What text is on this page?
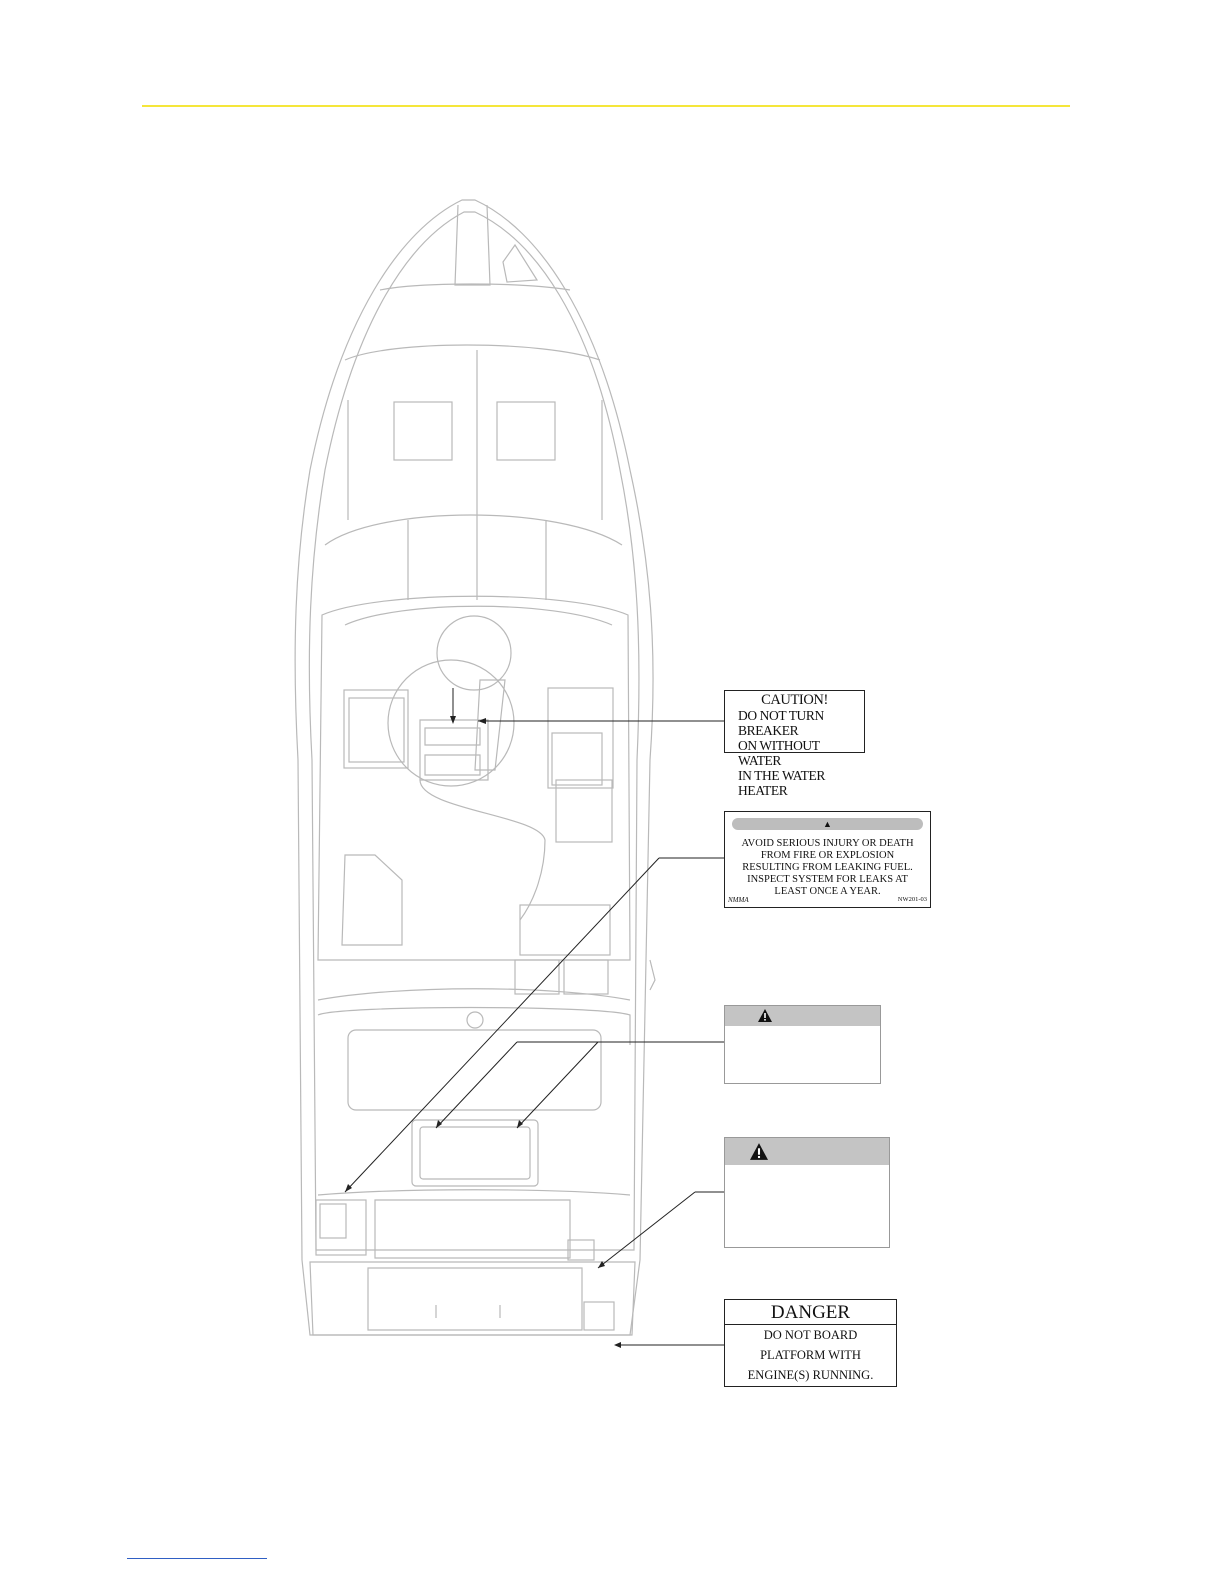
CAUTION!
DO NOT TURN BREAKER
ON WITHOUT WATER
IN THE WATER HEATER
▲
AVOID SERIOUS INJURY OR DEATH
FROM FIRE OR EXPLOSION
RESULTING FROM LEAKING FUEL.
INSPECT SYSTEM FOR LEAKS AT
LEAST ONCE A YEAR.
NMMA	NW201-03
DANGER
DO NOT BOARD
PLATFORM WITH
ENGINE(S) RUNNING.
